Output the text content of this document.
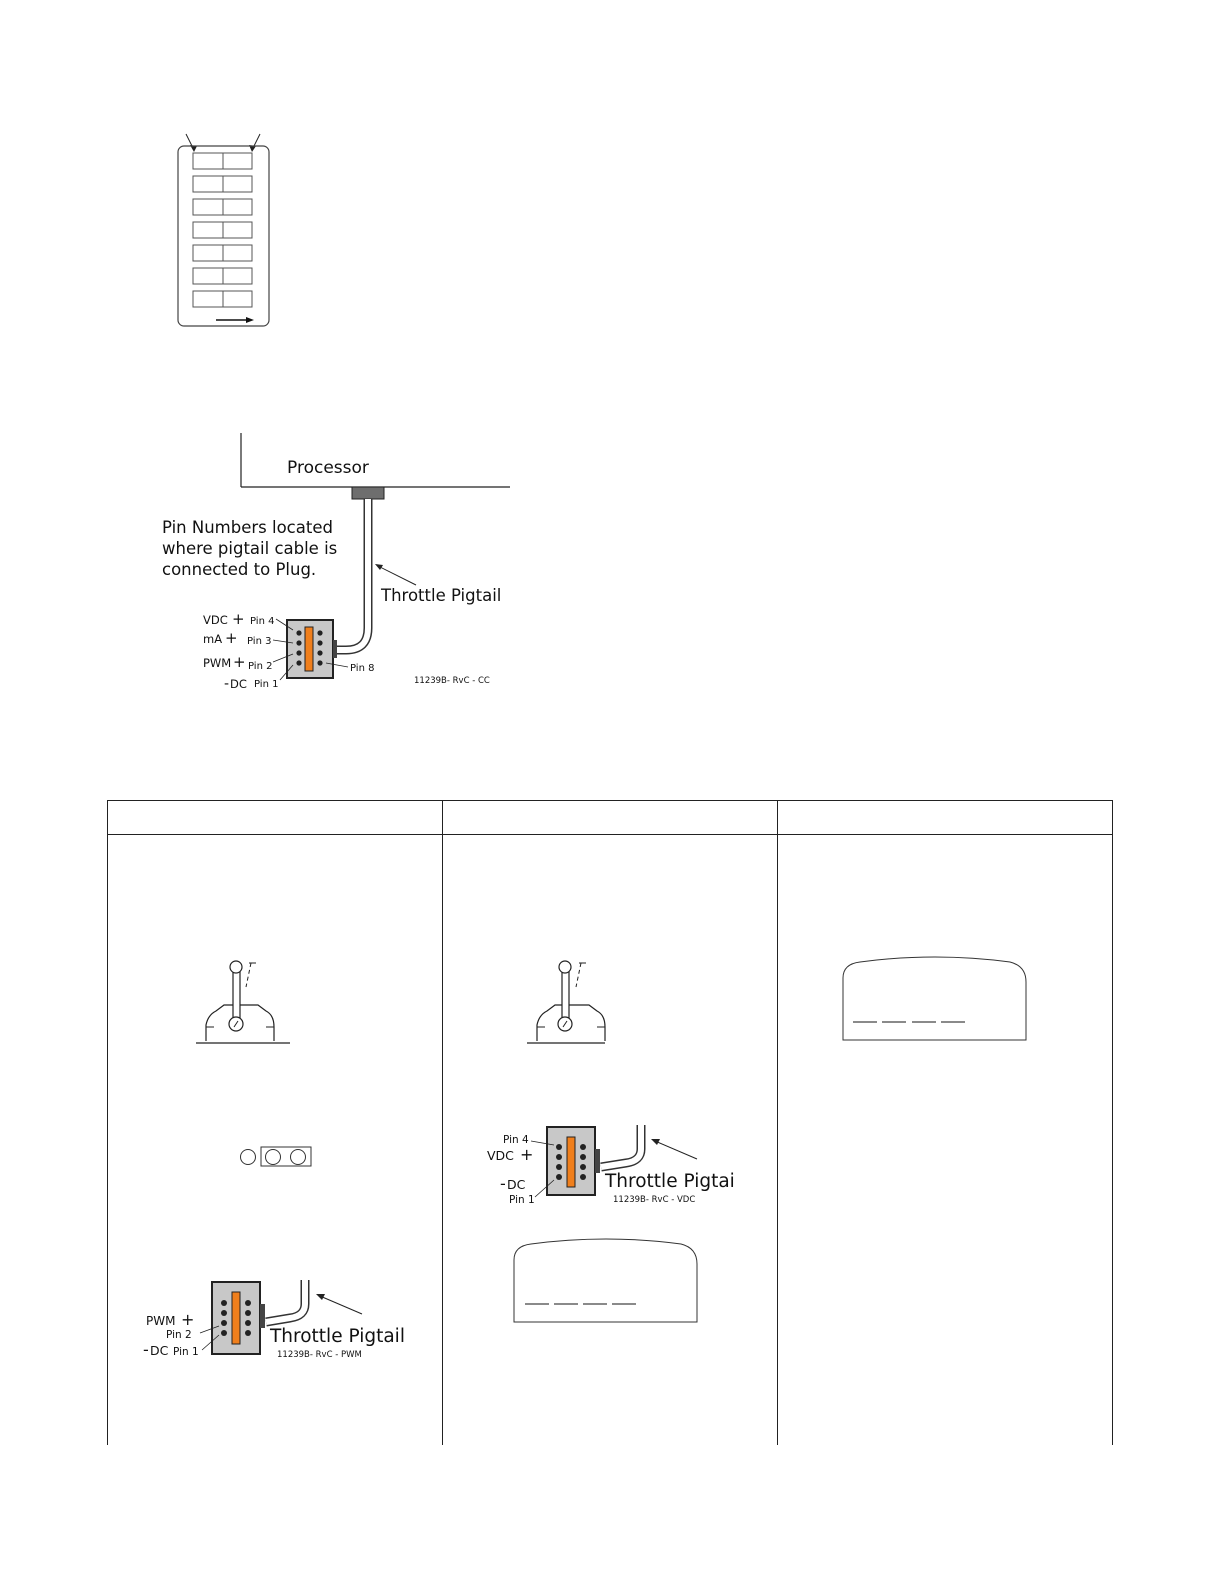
Processor
Pin Numbers located
where pigtail cable is
connected to Plug.
Throttle Pigtail
VDC + Pin 4
mA + Pin 3
PWM + Pin 2
- DC Pin 1
Pin 8
11239B- RvC - CC
Throttle Pigtail
11239B- RvC - PWM
PWM +
Pin 2
- DC Pin 1
Throttle Pigtai
11239B- RvC - VDC
Pin 4
VDC +
- DC
Pin 1
